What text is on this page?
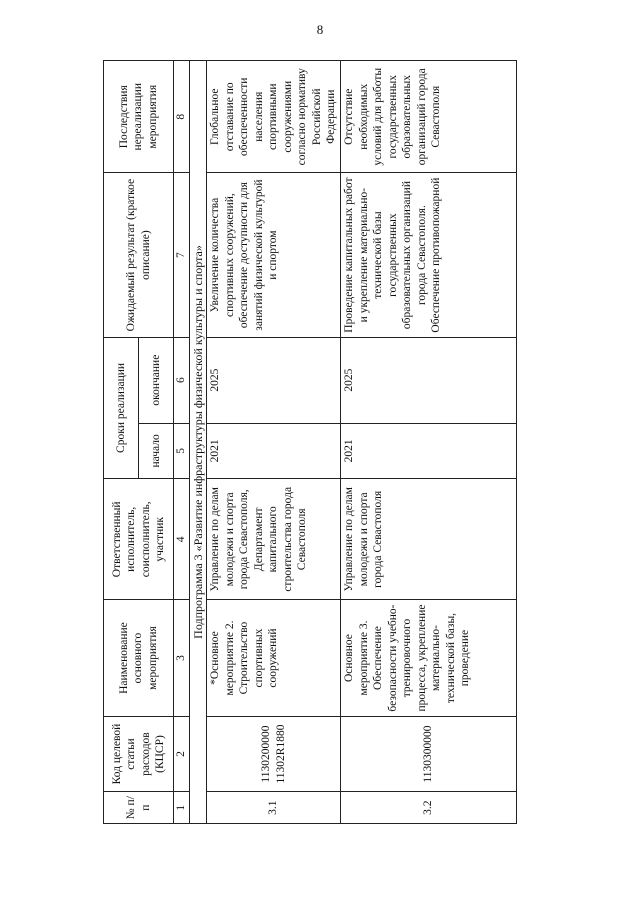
8
№ п/п	Код целевой статьи расходов (КЦСР)	Наименование основного мероприятия	Ответственный исполнитель, соисполнитель, участник	Сроки реализации		Ожидаемый результат (краткое описание)	Последствия нереализации мероприятия
				начало	окончание		
1	2	3	4	5	6	7	8
Подпрограмма 3 «Развитие инфраструктуры физической культуры и спорта»							
3.1	1130200000 11302R1880	*Основное мероприятие 2. Строительство спортивных сооружений	Управление по делам молодежи и спорта города Севастополя, Департамент капитального строительства города Севастополя	2021	2025	Увеличение количества спортивных сооружений, обеспечение доступности для занятий физической культурой и спортом	Глобальное отставание по обеспеченности населения спортивными сооружениями согласно нормативу Российской Федерации
3.2	1130300000	Основное мероприятие 3. Обеспечение безопасности учебно-тренировочного процесса, укрепление материально-технической базы, проведение	Управление по делам молодежи и спорта города Севастополя	2021	2025	Проведение капитальных работ и укрепление материально-технической базы государственных образовательных организаций города Севастополя. Обеспечение противопожарной	Отсутствие необходимых условий для работы государственных образовательных организаций города Севастополя
